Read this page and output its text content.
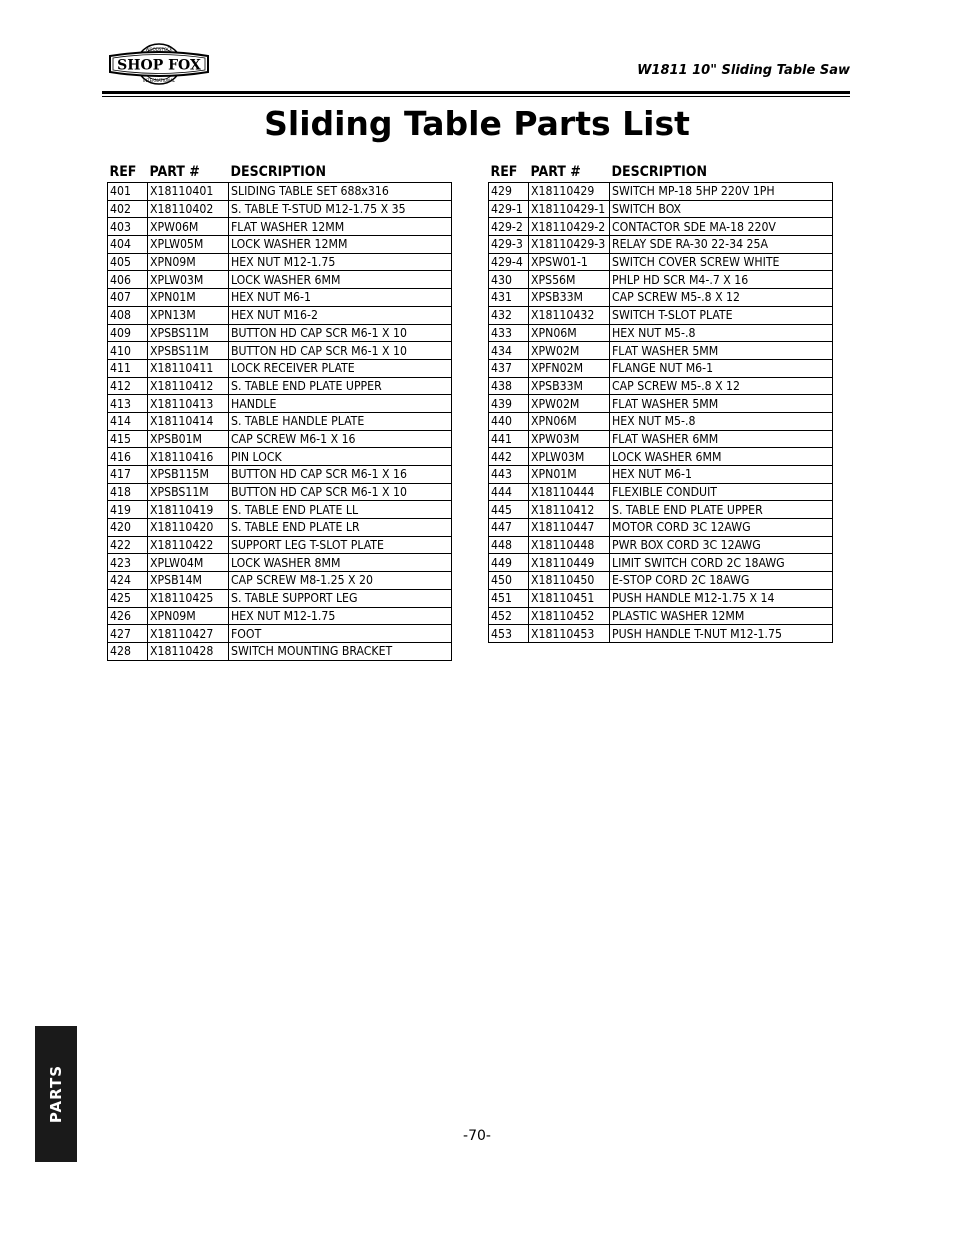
WOODSTOCK
INTERNATIONAL
SHOP FOX	W1811 10" Sliding Table Saw
Sliding Table Parts List
REF	PART #	DESCRIPTION
401	X18110401	SLIDING TABLE SET 688x316
402	X18110402	S. TABLE T-STUD M12-1.75 X 35
403	XPW06M	FLAT WASHER 12MM
404	XPLW05M	LOCK WASHER 12MM
405	XPN09M	HEX NUT M12-1.75
406	XPLW03M	LOCK WASHER 6MM
407	XPN01M	HEX NUT M6-1
408	XPN13M	HEX NUT M16-2
409	XPSBS11M	BUTTON HD CAP SCR M6-1 X 10
410	XPSBS11M	BUTTON HD CAP SCR M6-1 X 10
411	X18110411	LOCK RECEIVER PLATE
412	X18110412	S. TABLE END PLATE UPPER
413	X18110413	HANDLE
414	X18110414	S. TABLE HANDLE PLATE
415	XPSB01M	CAP SCREW M6-1 X 16
416	X18110416	PIN LOCK
417	XPSB115M	BUTTON HD CAP SCR M6-1 X 16
418	XPSBS11M	BUTTON HD CAP SCR M6-1 X 10
419	X18110419	S. TABLE END PLATE LL
420	X18110420	S. TABLE END PLATE LR
422	X18110422	SUPPORT LEG T-SLOT PLATE
423	XPLW04M	LOCK WASHER 8MM
424	XPSB14M	CAP SCREW M8-1.25 X 20
425	X18110425	S. TABLE SUPPORT LEG
426	XPN09M	HEX NUT M12-1.75
427	X18110427	FOOT
428	X18110428	SWITCH MOUNTING BRACKET
REF	PART #	DESCRIPTION
429	X18110429	SWITCH MP-18 5HP 220V 1PH
429-1	X18110429-1	SWITCH BOX
429-2	X18110429-2	CONTACTOR SDE MA-18 220V
429-3	X18110429-3	RELAY SDE RA-30 22-34 25A
429-4	XPSW01-1	SWITCH COVER SCREW WHITE
430	XPS56M	PHLP HD SCR M4-.7 X 16
431	XPSB33M	CAP SCREW M5-.8 X 12
432	X18110432	SWITCH T-SLOT PLATE
433	XPN06M	HEX NUT M5-.8
434	XPW02M	FLAT WASHER 5MM
437	XPFN02M	FLANGE NUT M6-1
438	XPSB33M	CAP SCREW M5-.8 X 12
439	XPW02M	FLAT WASHER 5MM
440	XPN06M	HEX NUT M5-.8
441	XPW03M	FLAT WASHER 6MM
442	XPLW03M	LOCK WASHER 6MM
443	XPN01M	HEX NUT M6-1
444	X18110444	FLEXIBLE CONDUIT
445	X18110412	S. TABLE END PLATE UPPER
447	X18110447	MOTOR CORD 3C 12AWG
448	X18110448	PWR BOX CORD 3C 12AWG
449	X18110449	LIMIT SWITCH CORD 2C 18AWG
450	X18110450	E-STOP CORD 2C 18AWG
451	X18110451	PUSH HANDLE M12-1.75 X 14
452	X18110452	PLASTIC WASHER 12MM
453	X18110453	PUSH HANDLE T-NUT M12-1.75
PARTS
-70-
